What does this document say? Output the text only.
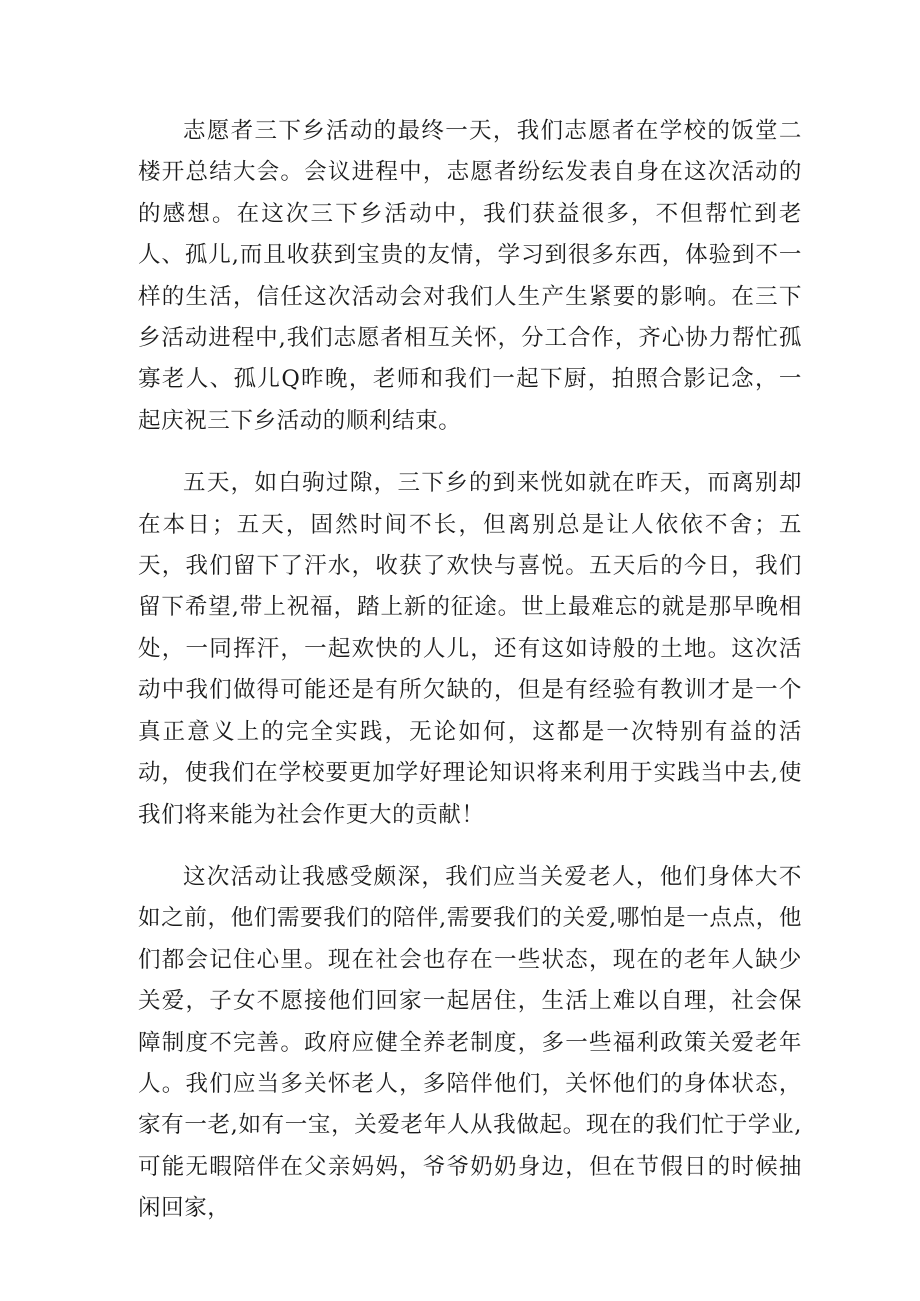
志愿者三下乡活动的最终一天，我们志愿者在学校的饭堂二楼开总结大会。会议进程中，志愿者纷纭发表自身在这次活动的的感想。在这次三下乡活动中，我们获益很多，不但帮忙到老人、孤儿,而且收获到宝贵的友情，学习到很多东西，体验到不一样的生活，信任这次活动会对我们人生产生紧要的影响。在三下乡活动进程中,我们志愿者相互关怀，分工合作，齐心协力帮忙孤寡老人、孤儿Q昨晚，老师和我们一起下厨，拍照合影记念，一起庆祝三下乡活动的顺利结束。

五天，如白驹过隙，三下乡的到来恍如就在昨天，而离别却在本日；五天，固然时间不长，但离别总是让人依依不舍；五天，我们留下了汗水，收获了欢快与喜悦。五天后的今日，我们留下希望,带上祝福，踏上新的征途。世上最难忘的就是那早晚相处，一同挥汗，一起欢快的人儿，还有这如诗般的土地。这次活动中我们做得可能还是有所欠缺的，但是有经验有教训才是一个真正意义上的完全实践，无论如何，这都是一次特别有益的活动，使我们在学校要更加学好理论知识将来利用于实践当中去,使我们将来能为社会作更大的贡献！

这次活动让我感受颇深，我们应当关爱老人，他们身体大不如之前，他们需要我们的陪伴,需要我们的关爱,哪怕是一点点，他们都会记住心里。现在社会也存在一些状态，现在的老年人缺少关爱，子女不愿接他们回家一起居住，生活上难以自理，社会保障制度不完善。政府应健全养老制度，多一些福利政策关爱老年人。我们应当多关怀老人，多陪伴他们，关怀他们的身体状态，家有一老,如有一宝，关爱老年人从我做起。现在的我们忙于学业,可能无暇陪伴在父亲妈妈，爷爷奶奶身边，但在节假日的时候抽闲回家，
